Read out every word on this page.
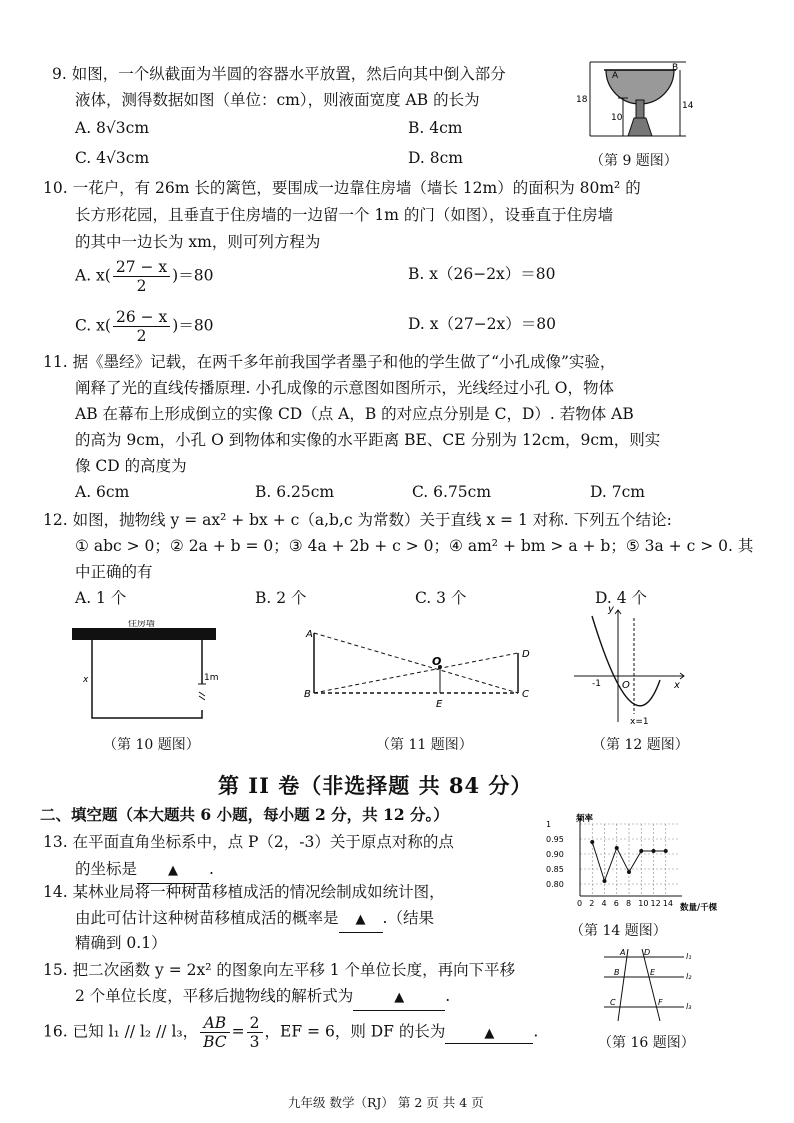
9. 如图，一个纵截面为半圆的容器水平放置，然后向其中倒入部分
液体，测得数据如图（单位：cm），则液面宽度 AB 的长为
A. 8√3cm	B. 4cm
C. 4√3cm	D. 8cm
A
B
18
10
14
（第 9 题图）
10. 一花户，有 26m 长的篱笆，要围成一边靠住房墙（墙长 12m）的面积为 80m² 的
长方形花园，且垂直于住房墙的一边留一个 1m 的门（如图），设垂直于住房墙
的其中一边长为 xm，则可列方程为
A. $x( \frac{27 - x}{2} )=80$	B. x（26−2x）＝80
C. $x( \frac{26 - x}{2} )=80$	D. x（27−2x）＝80
11. 据《墨经》记载，在两千多年前我国学者墨子和他的学生做了“小孔成像”实验，
阐释了光的直线传播原理. 小孔成像的示意图如图所示，光线经过小孔 O，物体
AB 在幕布上形成倒立的实像 CD（点 A，B 的对应点分别是 C，D）. 若物体 AB
的高为 9cm，小孔 O 到物体和实像的水平距离 BE、CE 分别为 12cm，9cm，则实
像 CD 的高度为
A. 6cm	B. 6.25cm	C. 6.75cm	D. 7cm
12. 如图，抛物线 y = ax² + bx + c（a,b,c 为常数）关于直线 x = 1 对称. 下列五个结论:
① abc > 0；② 2a + b = 0；③ 4a + 2b + c > 0；④ am² + bm > a + b；⑤ 3a + c > 0. 其
中正确的有
A. 1 个	B. 2 个	C. 3 个	D. 4 个
住房墙
x	1m
（第 10 题图）
A
B
O
E
C
D
（第 11 题图）
y
x
O
-1
x=1
（第 12 题图）
第 II 卷（非选择题 共 84 分）
二、填空题（本大题共 6 小题，每小题 2 分，共 12 分。）
13. 在平面直角坐标系中，点 P（2，-3）关于原点对称的点
的坐标是 ▲ .
14. 某林业局将一种树苗移植成活的情况绘制成如统计图，
由此可估计这种树苗移植成活的概率是 ▲ .（结果
精确到 0.1）
0 2 4 6 8 10 12 14
0.80
0.85
0.90
0.95
1
频率
数量/千棵
（第 14 题图）
15. 把二次函数 y = 2x² 的图象向左平移 1 个单位长度，再向下平移
2 个单位长度，平移后抛物线的解析式为	▲	.
16. 已知 l₁ // l₂ // l₃， $\frac{AB}{BC} = \frac{2}{3}$ ，EF = 6，则 DF 的长为	▲	.
A D
B	E
C	F
l₁
l₂
l₃
（第 16 题图）
九年级 数学（RJ） 第 2 页 共 4 页
